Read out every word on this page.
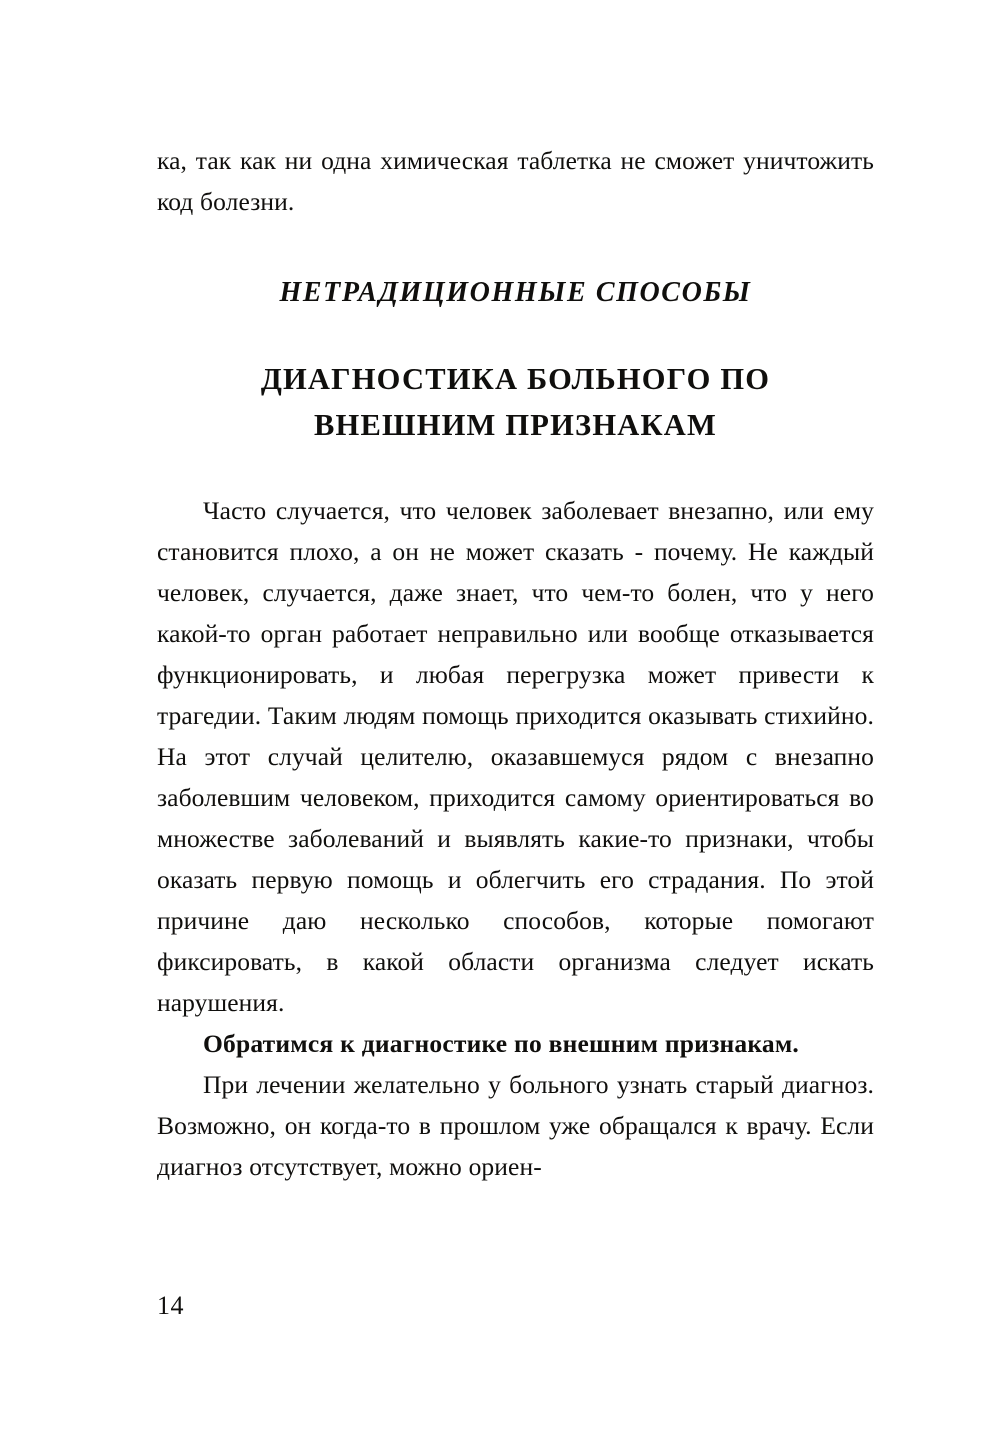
ка, так как ни одна химическая таблетка не сможет уничтожить код болезни.

НЕТРАДИЦИОННЫЕ СПОСОБЫ
ДИАГНОСТИКА БОЛЬНОГО ПО
ВНЕШНИМ ПРИЗНАКАМ

Часто случается, что человек заболевает внезапно, или ему становится плохо, а он не может сказать - почему. Не каждый человек, случается, даже знает, что чем-то болен, что у него какой-то орган работает неправильно или вообще отказывается функционировать, и любая перегрузка может привести к трагедии. Таким людям помощь приходится оказывать стихийно. На этот случай целителю, оказавшемуся рядом с внезапно заболевшим человеком, приходится самому ориентироваться во множестве заболеваний и выявлять какие-то признаки, чтобы оказать первую помощь и облегчить его страдания. По этой причине даю несколько способов, которые помогают фиксировать, в какой области организма следует искать нарушения.

Обратимся к диагностике по внешним признакам.

При лечении желательно у больного узнать старый диагноз. Возможно, он когда-то в прошлом уже обращался к врачу. Если диагноз отсутствует, можно ориен-

14
